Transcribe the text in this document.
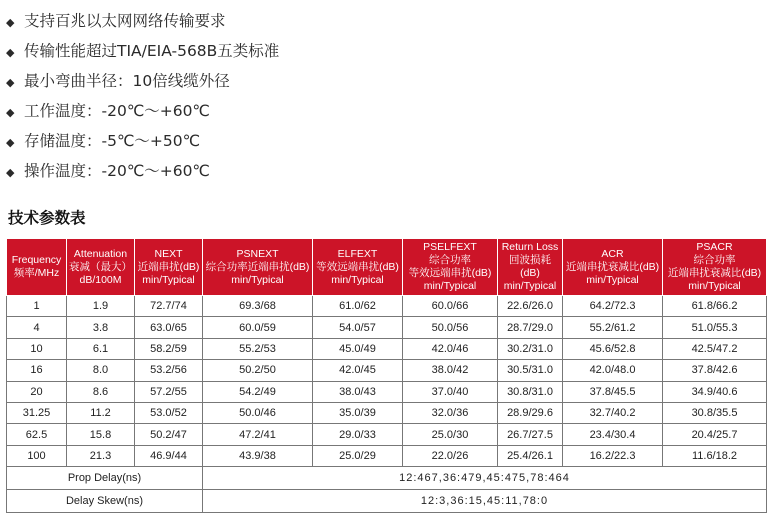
◆ 支持百兆以太网网络传输要求
◆ 传输性能超过TIA/EIA-568B五类标准
◆ 最小弯曲半径：10倍线缆外径
◆ 工作温度：-20℃～+60℃
◆ 存储温度：-5℃～+50℃
◆ 操作温度：-20℃～+60℃
技术参数表
Frequency
频率/MHz	Attenuation
衰减（最大）
dB/100M	NEXT
近端串扰(dB)
min/Typical	PSNEXT
综合功率近端串扰(dB)
min/Typical	ELFEXT
等效远端串扰(dB)
min/Typical	PSELFEXT
综合功率
等效远端串扰(dB)
min/Typical	Return Loss
回波损耗(dB)
min/Typical	ACR
近端串扰衰减比(dB)
min/Typical	PSACR
综合功率
近端串扰衰减比(dB)
min/Typical

1	1.9	72.7/74	69.3/68	61.0/62	60.0/66	22.6/26.0	64.2/72.3	61.8/66.2
4	3.8	63.0/65	60.0/59	54.0/57	50.0/56	28.7/29.0	55.2/61.2	51.0/55.3
10	6.1	58.2/59	55.2/53	45.0/49	42.0/46	30.2/31.0	45.6/52.8	42.5/47.2
16	8.0	53.2/56	50.2/50	42.0/45	38.0/42	30.5/31.0	42.0/48.0	37.8/42.6
20	8.6	57.2/55	54.2/49	38.0/43	37.0/40	30.8/31.0	37.8/45.5	34.9/40.6
31.25	11.2	53.0/52	50.0/46	35.0/39	32.0/36	28.9/29.6	32.7/40.2	30.8/35.5
62.5	15.8	50.2/47	47.2/41	29.0/33	25.0/30	26.7/27.5	23.4/30.4	20.4/25.7
100	21.3	46.9/44	43.9/38	25.0/29	22.0/26	25.4/26.1	16.2/22.3	11.6/18.2
Prop Delay(ns)			12:467,36:479,45:475,78:464					
Delay Skew(ns)			12:3,36:15,45:11,78:0					
